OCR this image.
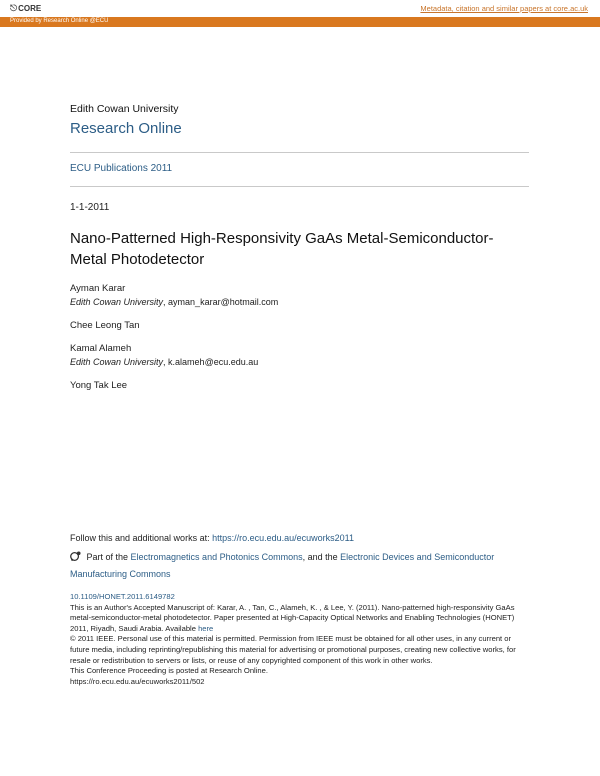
⎋CORE	Metadata, citation and similar papers at core.ac.uk
Provided by Research Online @ECU
Edith Cowan University
Research Online
ECU Publications 2011
1-1-2011
Nano-Patterned High-Responsivity GaAs Metal-Semiconductor-Metal Photodetector
Ayman Karar
Edith Cowan University, ayman_karar@hotmail.com
Chee Leong Tan
Kamal Alameh
Edith Cowan University, k.alameh@ecu.edu.au
Yong Tak Lee
Follow this and additional works at: https://ro.ecu.edu.au/ecuworks2011
Part of the Electromagnetics and Photonics Commons, and the Electronic Devices and Semiconductor Manufacturing Commons
10.1109/HONET.2011.6149782
This is an Author's Accepted Manuscript of: Karar, A. , Tan, C., Alameh, K. , & Lee, Y. (2011). Nano-patterned high-responsivity GaAs metal-semiconductor-metal photodetector. Paper presented at High-Capacity Optical Networks and Enabling Technologies (HONET) 2011, Riyadh, Saudi Arabia. Available here
© 2011 IEEE. Personal use of this material is permitted. Permission from IEEE must be obtained for all other uses, in any current or future media, including reprinting/republishing this material for advertising or promotional purposes, creating new collective works, for resale or redistribution to servers or lists, or reuse of any copyrighted component of this work in other works.
This Conference Proceeding is posted at Research Online.
https://ro.ecu.edu.au/ecuworks2011/502
